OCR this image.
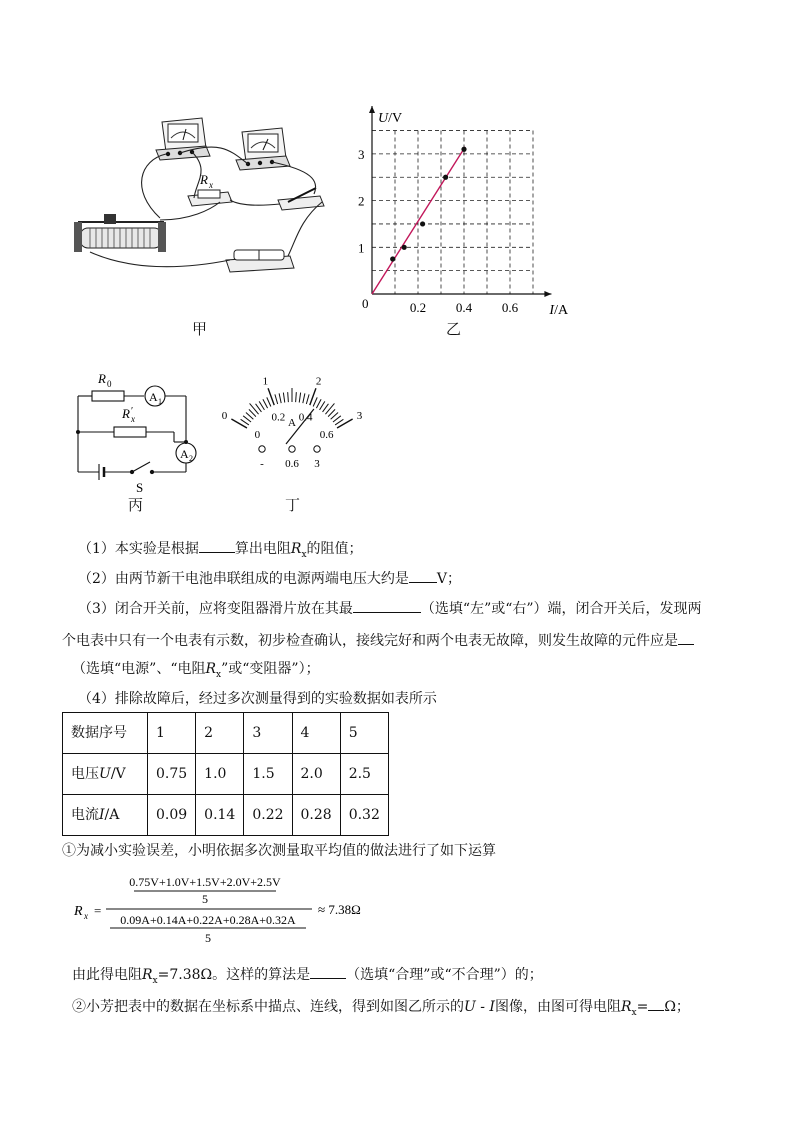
R x
甲
U/V
I/A
0
1
2
3
0.2 0.4 0.6
乙
R 0
R ′
x
A 1
A 2
S
丙
0
1	2
3
0
0.2 0.4
0.6
A
- 0.6 3
丁
（1）本实验是根据	算出电阻$R_x$的阻值；
（2）由两节新干电池串联组成的电源两端电压大约是 V；
（3）闭合开关前，应将变阻器滑片放在其最	（选填“左”或“右”）端，闭合开关后，发现两
个电表中只有一个电表有示数，初步检查确认，接线完好和两个电表无故障，则发生故障的元件应是
（选填“电源”、“电阻$R_x$”或“变阻器”）；
（4）排除故障后，经过多次测量得到的实验数据如表所示
数据序号	1	2	3	4	5
电压U/V	0.75	1.0	1.5	2.0	2.5
电流I/A	0.09	0.14	0.22	0.28	0.32
①为减小实验误差，小明依据多次测量取平均值的做法进行了如下运算
R x =
0.75V+1.0V+1.5V+2.0V+2.5V
5
0.09A+0.14A+0.22A+0.28A+0.32A
5
≈ 7.38Ω
由此得电阻$R_x=7.38\Omega$。这样的算法是	（选填“合理”或“不合理”）的；
②小芳把表中的数据在坐标系中描点、连线，得到如图乙所示的U - I图像，由图可得电阻$R_x= \Omega$；
